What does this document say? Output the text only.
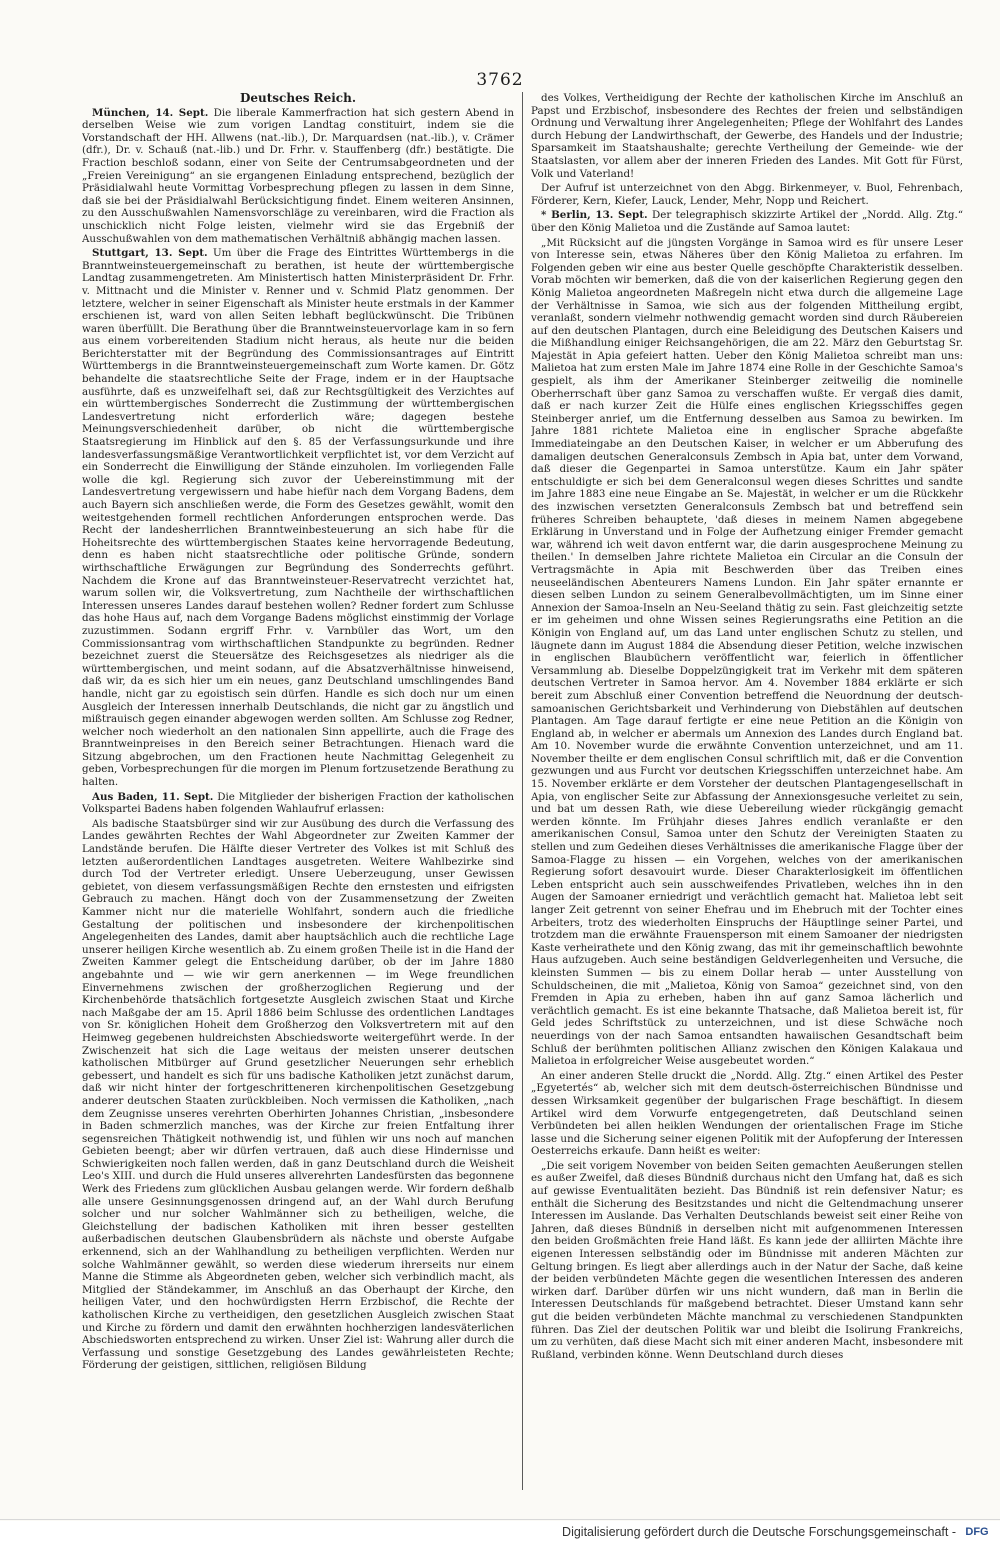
3762
Deutsches Reich.

München, 14. Sept. Die liberale Kammerfraction hat sich gestern Abend in derselben Weise wie zum vorigen Landtag constituirt, indem sie die Vorstandschaft der HH. Allwens (nat.-lib.), Dr. Marquardsen (nat.-lib.), v. Crämer (dfr.), Dr. v. Schauß (nat.-lib.) und Dr. Frhr. v. Stauffenberg (dfr.) bestätigte. Die Fraction beschloß sodann, einer von Seite der Centrumsabgeordneten und der „Freien Vereinigung“ an sie ergangenen Einladung entsprechend, bezüglich der Präsidialwahl heute Vormittag Vorbesprechung pflegen zu lassen in dem Sinne, daß sie bei der Präsidialwahl Berücksichtigung findet. Einem weiteren Ansinnen, zu den Ausschußwahlen Namensvorschläge zu vereinbaren, wird die Fraction als unschicklich nicht Folge leisten, vielmehr wird sie das Ergebniß der Ausschußwahlen von dem mathematischen Verhältniß abhängig machen lassen.

Stuttgart, 13. Sept. Um über die Frage des Eintrittes Württembergs in die Branntweinsteuergemeinschaft zu berathen, ist heute der württembergische Landtag zusammengetreten. Am Ministertisch hatten Ministerpräsident Dr. Frhr. v. Mittnacht und die Minister v. Renner und v. Schmid Platz genommen. Der letztere, welcher in seiner Eigenschaft als Minister heute erstmals in der Kammer erschienen ist, ward von allen Seiten lebhaft beglückwünscht. Die Tribünen waren überfüllt. Die Berathung über die Branntweinsteuervorlage kam in so fern aus einem vorbereitenden Stadium nicht heraus, als heute nur die beiden Berichterstatter mit der Begründung des Commissionsantrages auf Eintritt Württembergs in die Branntweinsteuergemeinschaft zum Worte kamen. Dr. Götz behandelte die staatsrechtliche Seite der Frage, indem er in der Hauptsache ausführte, daß es unzweifelhaft sei, daß zur Rechtsgültigkeit des Verzichtes auf ein württembergisches Sonderrecht die Zustimmung der württembergischen Landesvertretung nicht erforderlich wäre; dagegen bestehe Meinungsverschiedenheit darüber, ob nicht die württembergische Staatsregierung im Hinblick auf den §. 85 der Verfassungsurkunde und ihre landesverfassungsmäßige Verantwortlichkeit verpflichtet ist, vor dem Verzicht auf ein Sonderrecht die Einwilligung der Stände einzuholen. Im vorliegenden Falle wolle die kgl. Regierung sich zuvor der Uebereinstimmung mit der Landesvertretung vergewissern und habe hiefür nach dem Vorgang Badens, dem auch Bayern sich anschließen werde, die Form des Gesetzes gewählt, womit den weitestgehenden formell rechtlichen Anforderungen entsprochen werde. Das Recht der landesherrlichen Branntweinbesteuerung an sich habe für die Hoheitsrechte des württembergischen Staates keine hervorragende Bedeutung, denn es haben nicht staatsrechtliche oder politische Gründe, sondern wirthschaftliche Erwägungen zur Begründung des Sonderrechts geführt. Nachdem die Krone auf das Branntweinsteuer-Reservatrecht verzichtet hat, warum sollen wir, die Volksvertretung, zum Nachtheile der wirthschaftlichen Interessen unseres Landes darauf bestehen wollen? Redner fordert zum Schlusse das hohe Haus auf, nach dem Vorgange Badens möglichst einstimmig der Vorlage zuzustimmen. Sodann ergriff Frhr. v. Varnbüler das Wort, um den Commissionsantrag vom wirthschaftlichen Standpunkte zu begründen. Redner bezeichnet zuerst die Steuersätze des Reichsgesetzes als niedriger als die württembergischen, und meint sodann, auf die Absatzverhältnisse hinweisend, daß wir, da es sich hier um ein neues, ganz Deutschland umschlingendes Band handle, nicht gar zu egoistisch sein dürfen. Handle es sich doch nur um einen Ausgleich der Interessen innerhalb Deutschlands, die nicht gar zu ängstlich und mißtrauisch gegen einander abgewogen werden sollten. Am Schlusse zog Redner, welcher noch wiederholt an den nationalen Sinn appellirte, auch die Frage des Branntweinpreises in den Bereich seiner Betrachtungen. Hienach ward die Sitzung abgebrochen, um den Fractionen heute Nachmittag Gelegenheit zu geben, Vorbesprechungen für die morgen im Plenum fortzusetzende Berathung zu halten.

Aus Baden, 11. Sept. Die Mitglieder der bisherigen Fraction der katholischen Volkspartei Badens haben folgenden Wahlaufruf erlassen:

Als badische Staatsbürger sind wir zur Ausübung des durch die Verfassung des Landes gewährten Rechtes der Wahl Abgeordneter zur Zweiten Kammer der Landstände berufen. Die Hälfte dieser Vertreter des Volkes ist mit Schluß des letzten außerordentlichen Landtages ausgetreten. Weitere Wahlbezirke sind durch Tod der Vertreter erledigt. Unsere Ueberzeugung, unser Gewissen gebietet, von diesem verfassungsmäßigen Rechte den ernstesten und eifrigsten Gebrauch zu machen. Hängt doch von der Zusammensetzung der Zweiten Kammer nicht nur die materielle Wohlfahrt, sondern auch die friedliche Gestaltung der politischen und insbesondere der kirchenpolitischen Angelegenheiten des Landes, damit aber hauptsächlich auch die rechtliche Lage unserer heiligen Kirche wesentlich ab. Zu einem großen Theile ist in die Hand der Zweiten Kammer gelegt die Entscheidung darüber, ob der im Jahre 1880 angebahnte und — wie wir gern anerkennen — im Wege freundlichen Einvernehmens zwischen der großherzoglichen Regierung und der Kirchenbehörde thatsächlich fortgesetzte Ausgleich zwischen Staat und Kirche nach Maßgabe der am 15. April 1886 beim Schlusse des ordentlichen Landtages von Sr. königlichen Hoheit dem Großherzog den Volksvertretern mit auf den Heimweg gegebenen huldreichsten Abschiedsworte weitergeführt werde. In der Zwischenzeit hat sich die Lage weitaus der meisten unserer deutschen katholischen Mitbürger auf Grund gesetzlicher Neuerungen sehr erheblich gebessert, und handelt es sich für uns badische Katholiken jetzt zunächst darum, daß wir nicht hinter der fortgeschritteneren kirchenpolitischen Gesetzgebung anderer deutschen Staaten zurückbleiben. Noch vermissen die Katholiken, „nach dem Zeugnisse unseres verehrten Oberhirten Johannes Christian, „insbesondere in Baden schmerzlich manches, was der Kirche zur freien Entfaltung ihrer segensreichen Thätigkeit nothwendig ist, und fühlen wir uns noch auf manchen Gebieten beengt; aber wir dürfen vertrauen, daß auch diese Hindernisse und Schwierigkeiten noch fallen werden, daß in ganz Deutschland durch die Weisheit Leo's XIII. und durch die Huld unseres allverehrten Landesfürsten das begonnene Werk des Friedens zum glücklichen Ausbau gelangen werde. Wir fordern deßhalb alle unsere Gesinnungsgenossen dringend auf, an der Wahl durch Berufung solcher und nur solcher Wahlmänner sich zu betheiligen, welche, die Gleichstellung der badischen Katholiken mit ihren besser gestellten außerbadischen deutschen Glaubensbrüdern als nächste und oberste Aufgabe erkennend, sich an der Wahlhandlung zu betheiligen verpflichten. Werden nur solche Wahlmänner gewählt, so werden diese wiederum ihrerseits nur einem Manne die Stimme als Abgeordneten geben, welcher sich verbindlich macht, als Mitglied der Ständekammer, im Anschluß an das Oberhaupt der Kirche, den heiligen Vater, und den hochwürdigsten Herrn Erzbischof, die Rechte der katholischen Kirche zu vertheidigen, den gesetzlichen Ausgleich zwischen Staat und Kirche zu fördern und damit den erwähnten hochherzigen landesväterlichen Abschiedsworten entsprechend zu wirken. Unser Ziel ist: Wahrung aller durch die Verfassung und sonstige Gesetzgebung des Landes gewährleisteten Rechte; Förderung der geistigen, sittlichen, religiösen Bildung

des Volkes, Vertheidigung der Rechte der katholischen Kirche im Anschluß an Papst und Erzbischof, insbesondere des Rechtes der freien und selbständigen Ordnung und Verwaltung ihrer Angelegenheiten; Pflege der Wohlfahrt des Landes durch Hebung der Landwirthschaft, der Gewerbe, des Handels und der Industrie; Sparsamkeit im Staatshaushalte; gerechte Vertheilung der Gemeinde- wie der Staatslasten, vor allem aber der inneren Frieden des Landes. Mit Gott für Fürst, Volk und Vaterland!

Der Aufruf ist unterzeichnet von den Abgg. Birkenmeyer, v. Buol, Fehrenbach, Förderer, Kern, Kiefer, Lauck, Lender, Mehr, Nopp und Reichert.

* Berlin, 13. Sept. Der telegraphisch skizzirte Artikel der „Nordd. Allg. Ztg.“ über den König Malietoa und die Zustände auf Samoa lautet:

„Mit Rücksicht auf die jüngsten Vorgänge in Samoa wird es für unsere Leser von Interesse sein, etwas Näheres über den König Malietoa zu erfahren. Im Folgenden geben wir eine aus bester Quelle geschöpfte Charakteristik desselben. Vorab möchten wir bemerken, daß die von der kaiserlichen Regierung gegen den König Malietoa angeordneten Maßregeln nicht etwa durch die allgemeine Lage der Verhältnisse in Samoa, wie sich aus der folgenden Mittheilung ergibt, veranlaßt, sondern vielmehr nothwendig gemacht worden sind durch Räubereien auf den deutschen Plantagen, durch eine Beleidigung des Deutschen Kaisers und die Mißhandlung einiger Reichsangehörigen, die am 22. März den Geburtstag Sr. Majestät in Apia gefeiert hatten. Ueber den König Malietoa schreibt man uns: Malietoa hat zum ersten Male im Jahre 1874 eine Rolle in der Geschichte Samoa's gespielt, als ihm der Amerikaner Steinberger zeitweilig die nominelle Oberherrschaft über ganz Samoa zu verschaffen wußte. Er vergaß dies damit, daß er nach kurzer Zeit die Hülfe eines englischen Kriegsschiffes gegen Steinberger anrief, um die Entfernung desselben aus Samoa zu bewirken. Im Jahre 1881 richtete Malietoa eine in englischer Sprache abgefaßte Immediateingabe an den Deutschen Kaiser, in welcher er um Abberufung des damaligen deutschen Generalconsuls Zembsch in Apia bat, unter dem Vorwand, daß dieser die Gegenpartei in Samoa unterstütze. Kaum ein Jahr später entschuldigte er sich bei dem Generalconsul wegen dieses Schrittes und sandte im Jahre 1883 eine neue Eingabe an Se. Majestät, in welcher er um die Rückkehr des inzwischen versetzten Generalconsuls Zembsch bat und betreffend sein früheres Schreiben behauptete, 'daß dieses in meinem Namen abgegebene Erklärung in Unverstand und in Folge der Aufhetzung einiger Fremder gemacht war, während ich weit davon entfernt war, die darin ausgesprochene Meinung zu theilen.' In demselben Jahre richtete Malietoa ein Circular an die Consuln der Vertragsmächte in Apia mit Beschwerden über das Treiben eines neuseeländischen Abenteurers Namens Lundon. Ein Jahr später ernannte er diesen selben Lundon zu seinem Generalbevollmächtigten, um im Sinne einer Annexion der Samoa-Inseln an Neu-Seeland thätig zu sein. Fast gleichzeitig setzte er im geheimen und ohne Wissen seines Regierungsraths eine Petition an die Königin von England auf, um das Land unter englischen Schutz zu stellen, und läugnete dann im August 1884 die Absendung dieser Petition, welche inzwischen in englischen Blaubüchern veröffentlicht war, feierlich in öffentlicher Versammlung ab. Dieselbe Doppelzüngigkeit trat im Verkehr mit dem späteren deutschen Vertreter in Samoa hervor. Am 4. November 1884 erklärte er sich bereit zum Abschluß einer Convention betreffend die Neuordnung der deutsch-samoanischen Gerichtsbarkeit und Verhinderung von Diebstählen auf deutschen Plantagen. Am Tage darauf fertigte er eine neue Petition an die Königin von England ab, in welcher er abermals um Annexion des Landes durch England bat. Am 10. November wurde die erwähnte Convention unterzeichnet, und am 11. November theilte er dem englischen Consul schriftlich mit, daß er die Convention gezwungen und aus Furcht vor deutschen Kriegsschiffen unterzeichnet habe. Am 15. November erklärte er dem Vorsteher der deutschen Plantagengesellschaft in Apia, von englischer Seite zur Abfassung der Annexionsgesuche verleitet zu sein, und bat um dessen Rath, wie diese Uebereilung wieder rückgängig gemacht werden könnte. Im Frühjahr dieses Jahres endlich veranlaßte er den amerikanischen Consul, Samoa unter den Schutz der Vereinigten Staaten zu stellen und zum Gedeihen dieses Verhältnisses die amerikanische Flagge über der Samoa-Flagge zu hissen — ein Vorgehen, welches von der amerikanischen Regierung sofort desavouirt wurde. Dieser Charakterlosigkeit im öffentlichen Leben entspricht auch sein ausschweifendes Privatleben, welches ihn in den Augen der Samoaner erniedrigt und verächtlich gemacht hat. Malietoa lebt seit langer Zeit getrennt von seiner Ehefrau und im Ehebruch mit der Tochter eines Arbeiters, trotz des wiederholten Einspruchs der Häuptlinge seiner Partei, und trotzdem man die erwähnte Frauensperson mit einem Samoaner der niedrigsten Kaste verheirathete und den König zwang, das mit ihr gemeinschaftlich bewohnte Haus aufzugeben. Auch seine beständigen Geldverlegenheiten und Versuche, die kleinsten Summen — bis zu einem Dollar herab — unter Ausstellung von Schuldscheinen, die mit „Malietoa, König von Samoa“ gezeichnet sind, von den Fremden in Apia zu erheben, haben ihn auf ganz Samoa lächerlich und verächtlich gemacht. Es ist eine bekannte Thatsache, daß Malietoa bereit ist, für Geld jedes Schriftstück zu unterzeichnen, und ist diese Schwäche noch neuerdings von der nach Samoa entsandten hawaiischen Gesandtschaft beim Schluß der berühmten politischen Allianz zwischen den Königen Kalakaua und Malietoa in erfolgreicher Weise ausgebeutet worden.“

An einer anderen Stelle druckt die „Nordd. Allg. Ztg.“ einen Artikel des Pester „Egyetertés“ ab, welcher sich mit dem deutsch-österreichischen Bündnisse und dessen Wirksamkeit gegenüber der bulgarischen Frage beschäftigt. In diesem Artikel wird dem Vorwurfe entgegengetreten, daß Deutschland seinen Verbündeten bei allen heiklen Wendungen der orientalischen Frage im Stiche lasse und die Sicherung seiner eigenen Politik mit der Aufopferung der Interessen Oesterreichs erkaufe. Dann heißt es weiter:

„Die seit vorigem November von beiden Seiten gemachten Aeußerungen stellen es außer Zweifel, daß dieses Bündniß durchaus nicht den Umfang hat, daß es sich auf gewisse Eventualitäten bezieht. Das Bündniß ist rein defensiver Natur; es enthält die Sicherung des Besitzstandes und nicht die Geltendmachung unserer Interessen im Auslande. Das Verhalten Deutschlands beweist seit einer Reihe von Jahren, daß dieses Bündniß in derselben nicht mit aufgenommenen Interessen den beiden Großmächten freie Hand läßt. Es kann jede der alliirten Mächte ihre eigenen Interessen selbständig oder im Bündnisse mit anderen Mächten zur Geltung bringen. Es liegt aber allerdings auch in der Natur der Sache, daß keine der beiden verbündeten Mächte gegen die wesentlichen Interessen des anderen wirken darf. Darüber dürfen wir uns nicht wundern, daß man in Berlin die Interessen Deutschlands für maßgebend betrachtet. Dieser Umstand kann sehr gut die beiden verbündeten Mächte manchmal zu verschiedenen Standpunkten führen. Das Ziel der deutschen Politik war und bleibt die Isolirung Frankreichs, um zu verhüten, daß diese Macht sich mit einer anderen Macht, insbesondere mit Rußland, verbinden könne. Wenn Deutschland durch dieses

Digitalisierung gefördert durch die Deutsche Forschungsgemeinschaft - DFG
